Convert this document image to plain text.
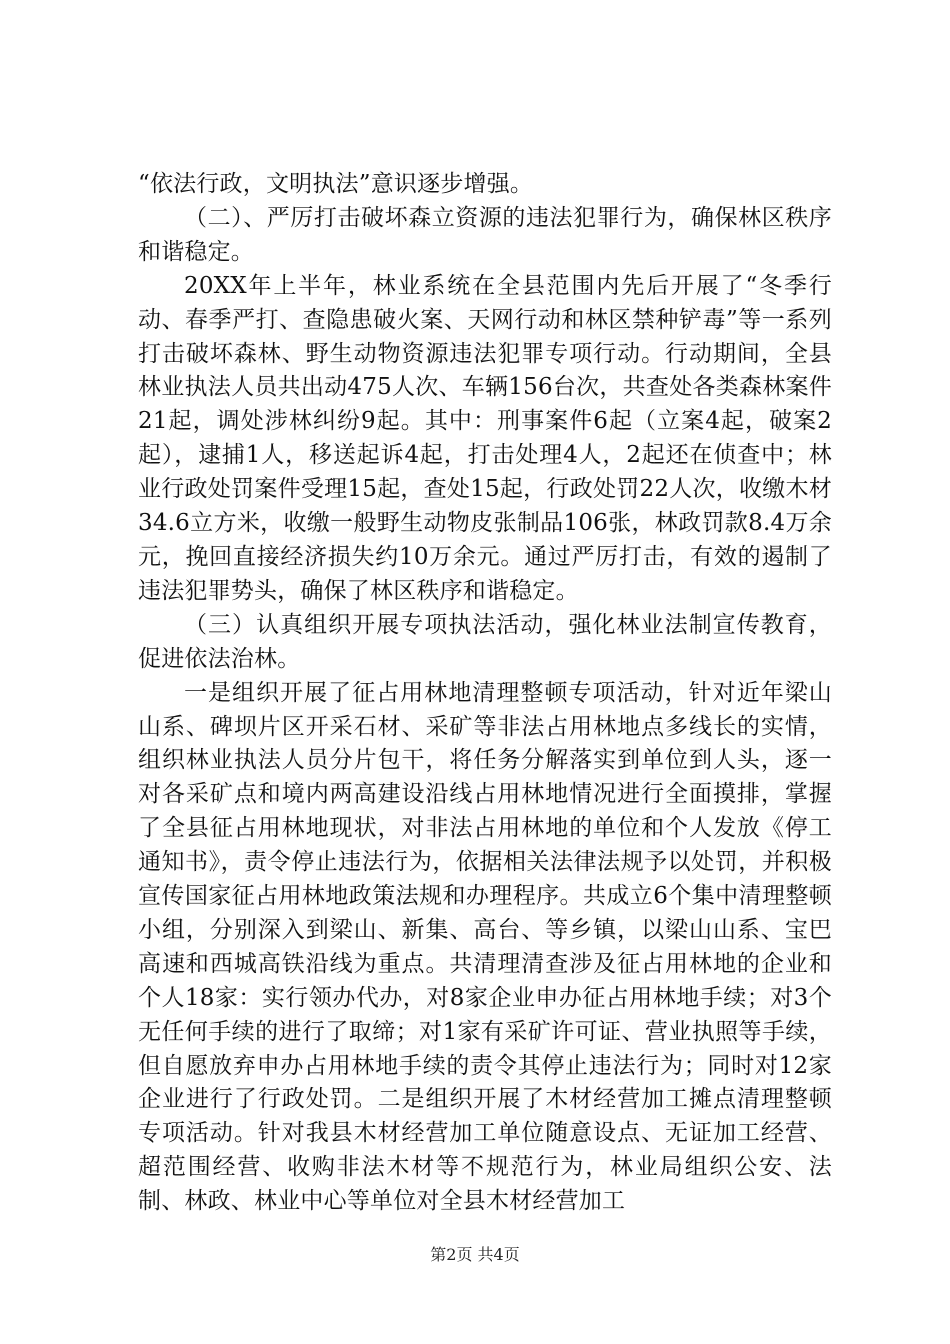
“依法行政，文明执法”意识逐步增强。

（二）、严厉打击破坏森立资源的违法犯罪行为，确保林区秩序和谐稳定。

20XX年上半年，林业系统在全县范围内先后开展了“冬季行动、春季严打、查隐患破火案、天网行动和林区禁种铲毒”等一系列打击破坏森林、野生动物资源违法犯罪专项行动。行动期间，全县林业执法人员共出动475人次、车辆156台次，共查处各类森林案件21起，调处涉林纠纷9起。其中：刑事案件6起（立案4起，破案2起），逮捕1人，移送起诉4起，打击处理4人，2起还在侦查中；林业行政处罚案件受理15起，查处15起，行政处罚22人次，收缴木材34.6立方米，收缴一般野生动物皮张制品106张，林政罚款8.4万余元，挽回直接经济损失约10万余元。通过严厉打击，有效的遏制了违法犯罪势头，确保了林区秩序和谐稳定。

（三）认真组织开展专项执法活动，强化林业法制宣传教育，促进依法治林。

一是组织开展了征占用林地清理整顿专项活动，针对近年梁山山系、碑坝片区开采石材、采矿等非法占用林地点多线长的实情，组织林业执法人员分片包干，将任务分解落实到单位到人头，逐一对各采矿点和境内两高建设沿线占用林地情况进行全面摸排，掌握了全县征占用林地现状，对非法占用林地的单位和个人发放《停工通知书》，责令停止违法行为，依据相关法律法规予以处罚，并积极宣传国家征占用林地政策法规和办理程序。共成立6个集中清理整顿小组，分别深入到梁山、新集、高台、等乡镇，以梁山山系、宝巴高速和西城高铁沿线为重点。共清理清查涉及征占用林地的企业和个人18家：实行领办代办，对8家企业申办征占用林地手续；对3个无任何手续的进行了取缔；对1家有采矿许可证、营业执照等手续，但自愿放弃申办占用林地手续的责令其停止违法行为；同时对12家企业进行了行政处罚。二是组织开展了木材经营加工摊点清理整顿专项活动。针对我县木材经营加工单位随意设点、无证加工经营、超范围经营、收购非法木材等不规范行为，林业局组织公安、法制、林政、林业中心等单位对全县木材经营加工

第2页 共4页
